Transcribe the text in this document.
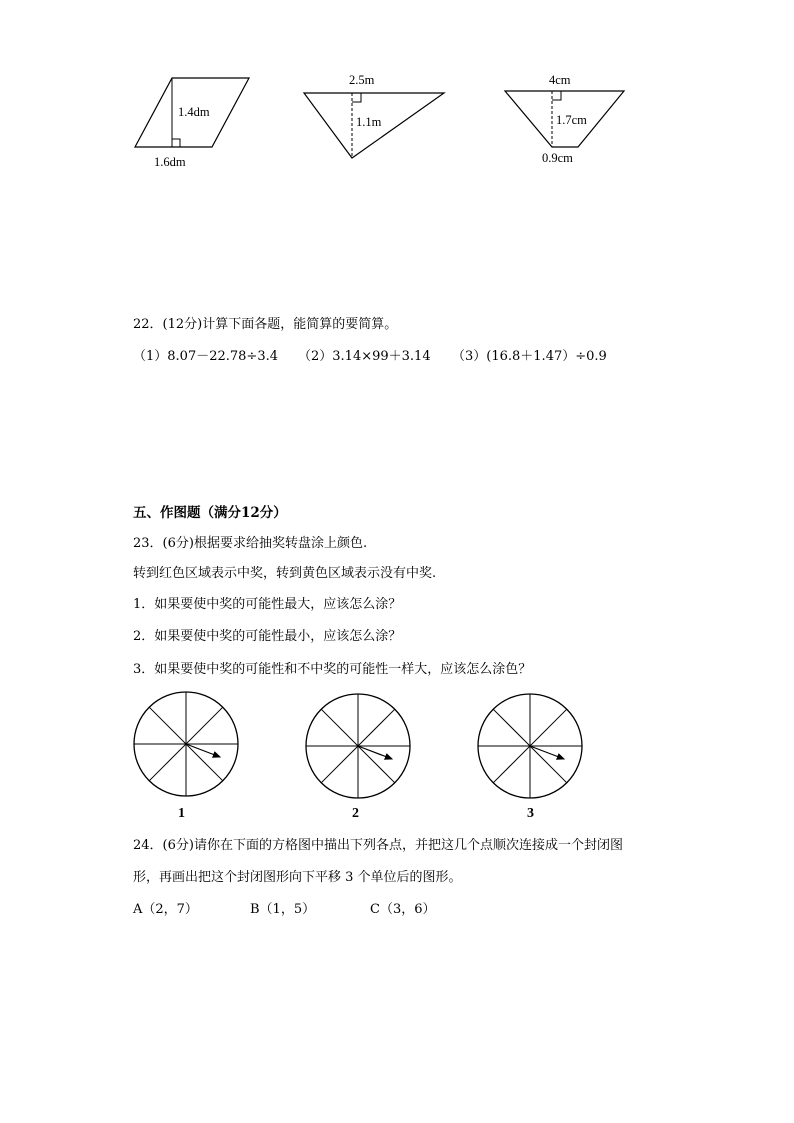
1.4dm
1.6dm
2.5m
1.1m
4cm
1.7cm
0.9cm
22．(12分)计算下面各题，能简算的要简算。
（1）8.07－22.78÷3.4 （2）3.14×99＋3.14 （3）(16.8＋1.47）÷0.9
五、作图题（满分12分）
23．(6分)根据要求给抽奖转盘涂上颜色.
转到红色区域表示中奖，转到黄色区域表示没有中奖.
1．如果要使中奖的可能性最大，应该怎么涂？
2．如果要使中奖的可能性最小，应该怎么涂？
3．如果要使中奖的可能性和不中奖的可能性一样大，应该怎么涂色？
1	2	3
24．(6分)请你在下面的方格图中描出下列各点，并把这几个点顺次连接成一个封闭图
形，再画出把这个封闭图形向下平移 3 个单位后的图形。
A（2，7）	B（1，5）	C（3，6）
